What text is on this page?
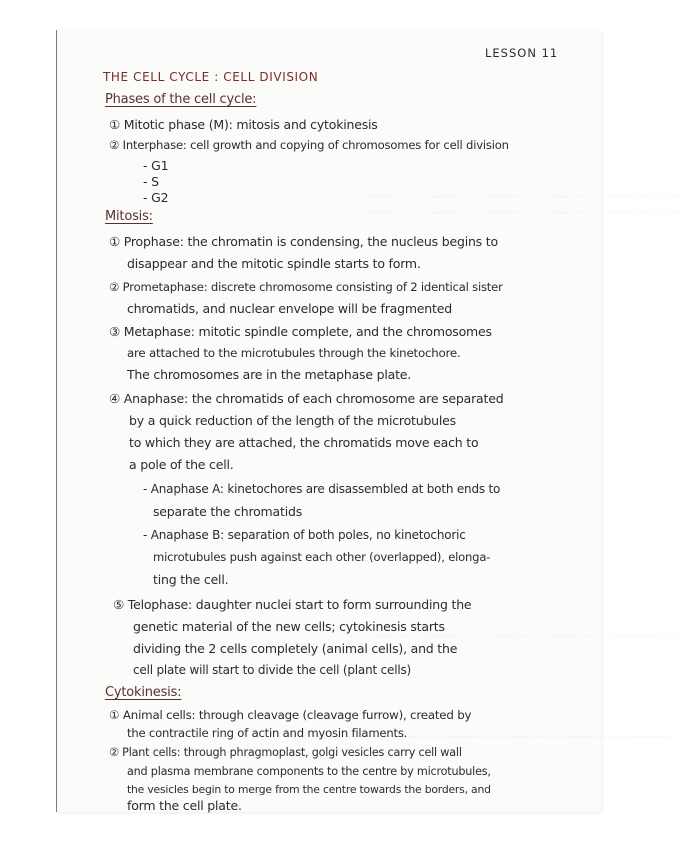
~~~~~~~~~~~~~~~~~~~~~~~~~~~~~~~~~~~
~~~~~~~~~~~~~~~~~~~~~~~~~~~~~~~~~~~
~~~~~~~~~~~~~~~~~~~~~~~~~~~~~~~~~~~~
~~~~~~~~~~~~~~~~~~~~~~~~~~~~~~~~~~~~~~~
LESSON 11
THE CELL CYCLE : CELL DIVISION
Phases of the cell cycle:
① Mitotic phase (M): mitosis and cytokinesis
② Interphase: cell growth and copying of chromosomes for cell division
- G1
- S
- G2
Mitosis:
① Prophase: the chromatin is condensing, the nucleus begins to
disappear and the mitotic spindle starts to form.
② Prometaphase: discrete chromosome consisting of 2 identical sister
chromatids, and nuclear envelope will be fragmented
③ Metaphase: mitotic spindle complete, and the chromosomes
are attached to the microtubules through the kinetochore.
The chromosomes are in the metaphase plate.
④ Anaphase: the chromatids of each chromosome are separated
by a quick reduction of the length of the microtubules
to which they are attached, the chromatids move each to
a pole of the cell.
- Anaphase A: kinetochores are disassembled at both ends to
separate the chromatids
- Anaphase B: separation of both poles, no kinetochoric
microtubules push against each other (overlapped), elonga-
ting the cell.
⑤ Telophase: daughter nuclei start to form surrounding the
genetic material of the new cells; cytokinesis starts
dividing the 2 cells completely (animal cells), and the
cell plate will start to divide the cell (plant cells)
Cytokinesis:
① Animal cells: through cleavage (cleavage furrow), created by
the contractile ring of actin and myosin filaments.
② Plant cells: through phragmoplast, golgi vesicles carry cell wall
and plasma membrane components to the centre by microtubules,
the vesicles begin to merge from the centre towards the borders, and
form the cell plate.
